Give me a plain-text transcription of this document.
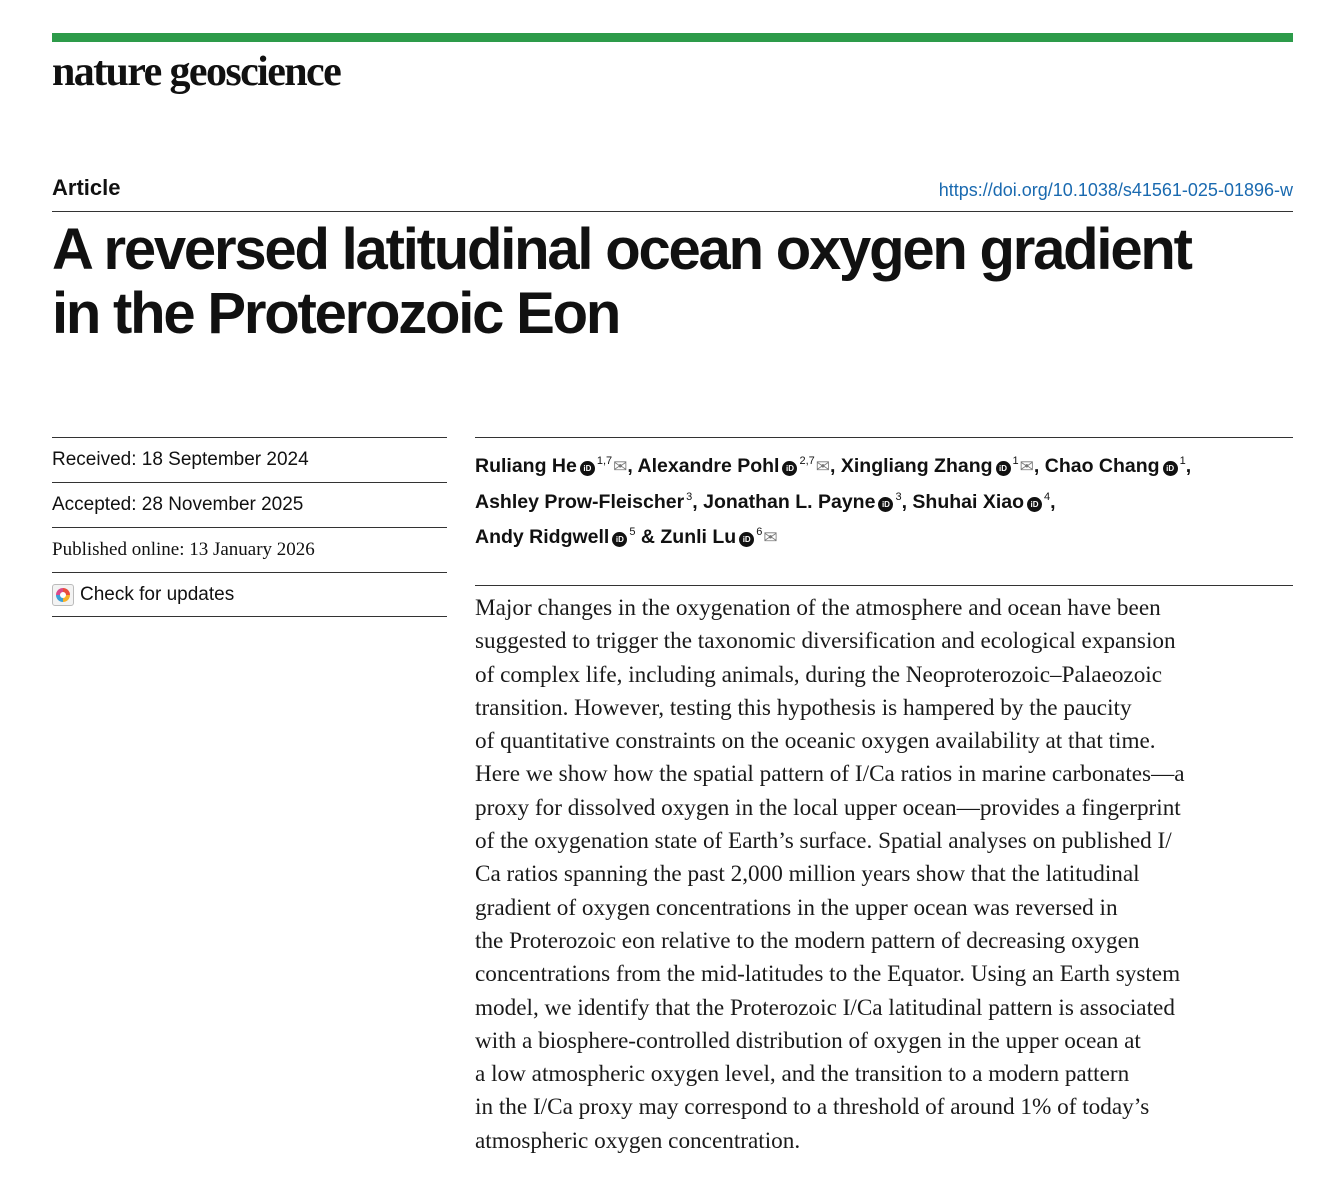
nature geoscience
Article	https://doi.org/10.1038/s41561-025-01896-w
A reversed latitudinal ocean oxygen gradient
in the Proterozoic Eon
Received: 18 September 2024
Accepted: 28 November 2025
Published online: 13 January 2026
Check for updates

Ruliang He iD$^{1,7}$✉, Alexandre Pohl iD$^{2,7}$✉, Xingliang Zhang iD$^1$✉, Chao Chang iD$^1$,
Ashley Prow-Fleischer $^3$, Jonathan L. Payne iD$^3$, Shuhai Xiao iD$^4$,
Andy Ridgwell iD$^5$ & Zunli Lu iD$^6$✉

Major changes in the oxygenation of the atmosphere and ocean have been
suggested to trigger the taxonomic diversification and ecological expansion
of complex life, including animals, during the Neoproterozoic–Palaeozoic
transition. However, testing this hypothesis is hampered by the paucity
of quantitative constraints on the oceanic oxygen availability at that time.
Here we show how the spatial pattern of I/Ca ratios in marine carbonates—a
proxy for dissolved oxygen in the local upper ocean—provides a fingerprint
of the oxygenation state of Earth’s surface. Spatial analyses on published I/
Ca ratios spanning the past 2,000 million years show that the latitudinal
gradient of oxygen concentrations in the upper ocean was reversed in
the Proterozoic eon relative to the modern pattern of decreasing oxygen
concentrations from the mid-latitudes to the Equator. Using an Earth system
model, we identify that the Proterozoic I/Ca latitudinal pattern is associated
with a biosphere-controlled distribution of oxygen in the upper ocean at
a low atmospheric oxygen level, and the transition to a modern pattern
in the I/Ca proxy may correspond to a threshold of around 1% of today’s
atmospheric oxygen concentration.
